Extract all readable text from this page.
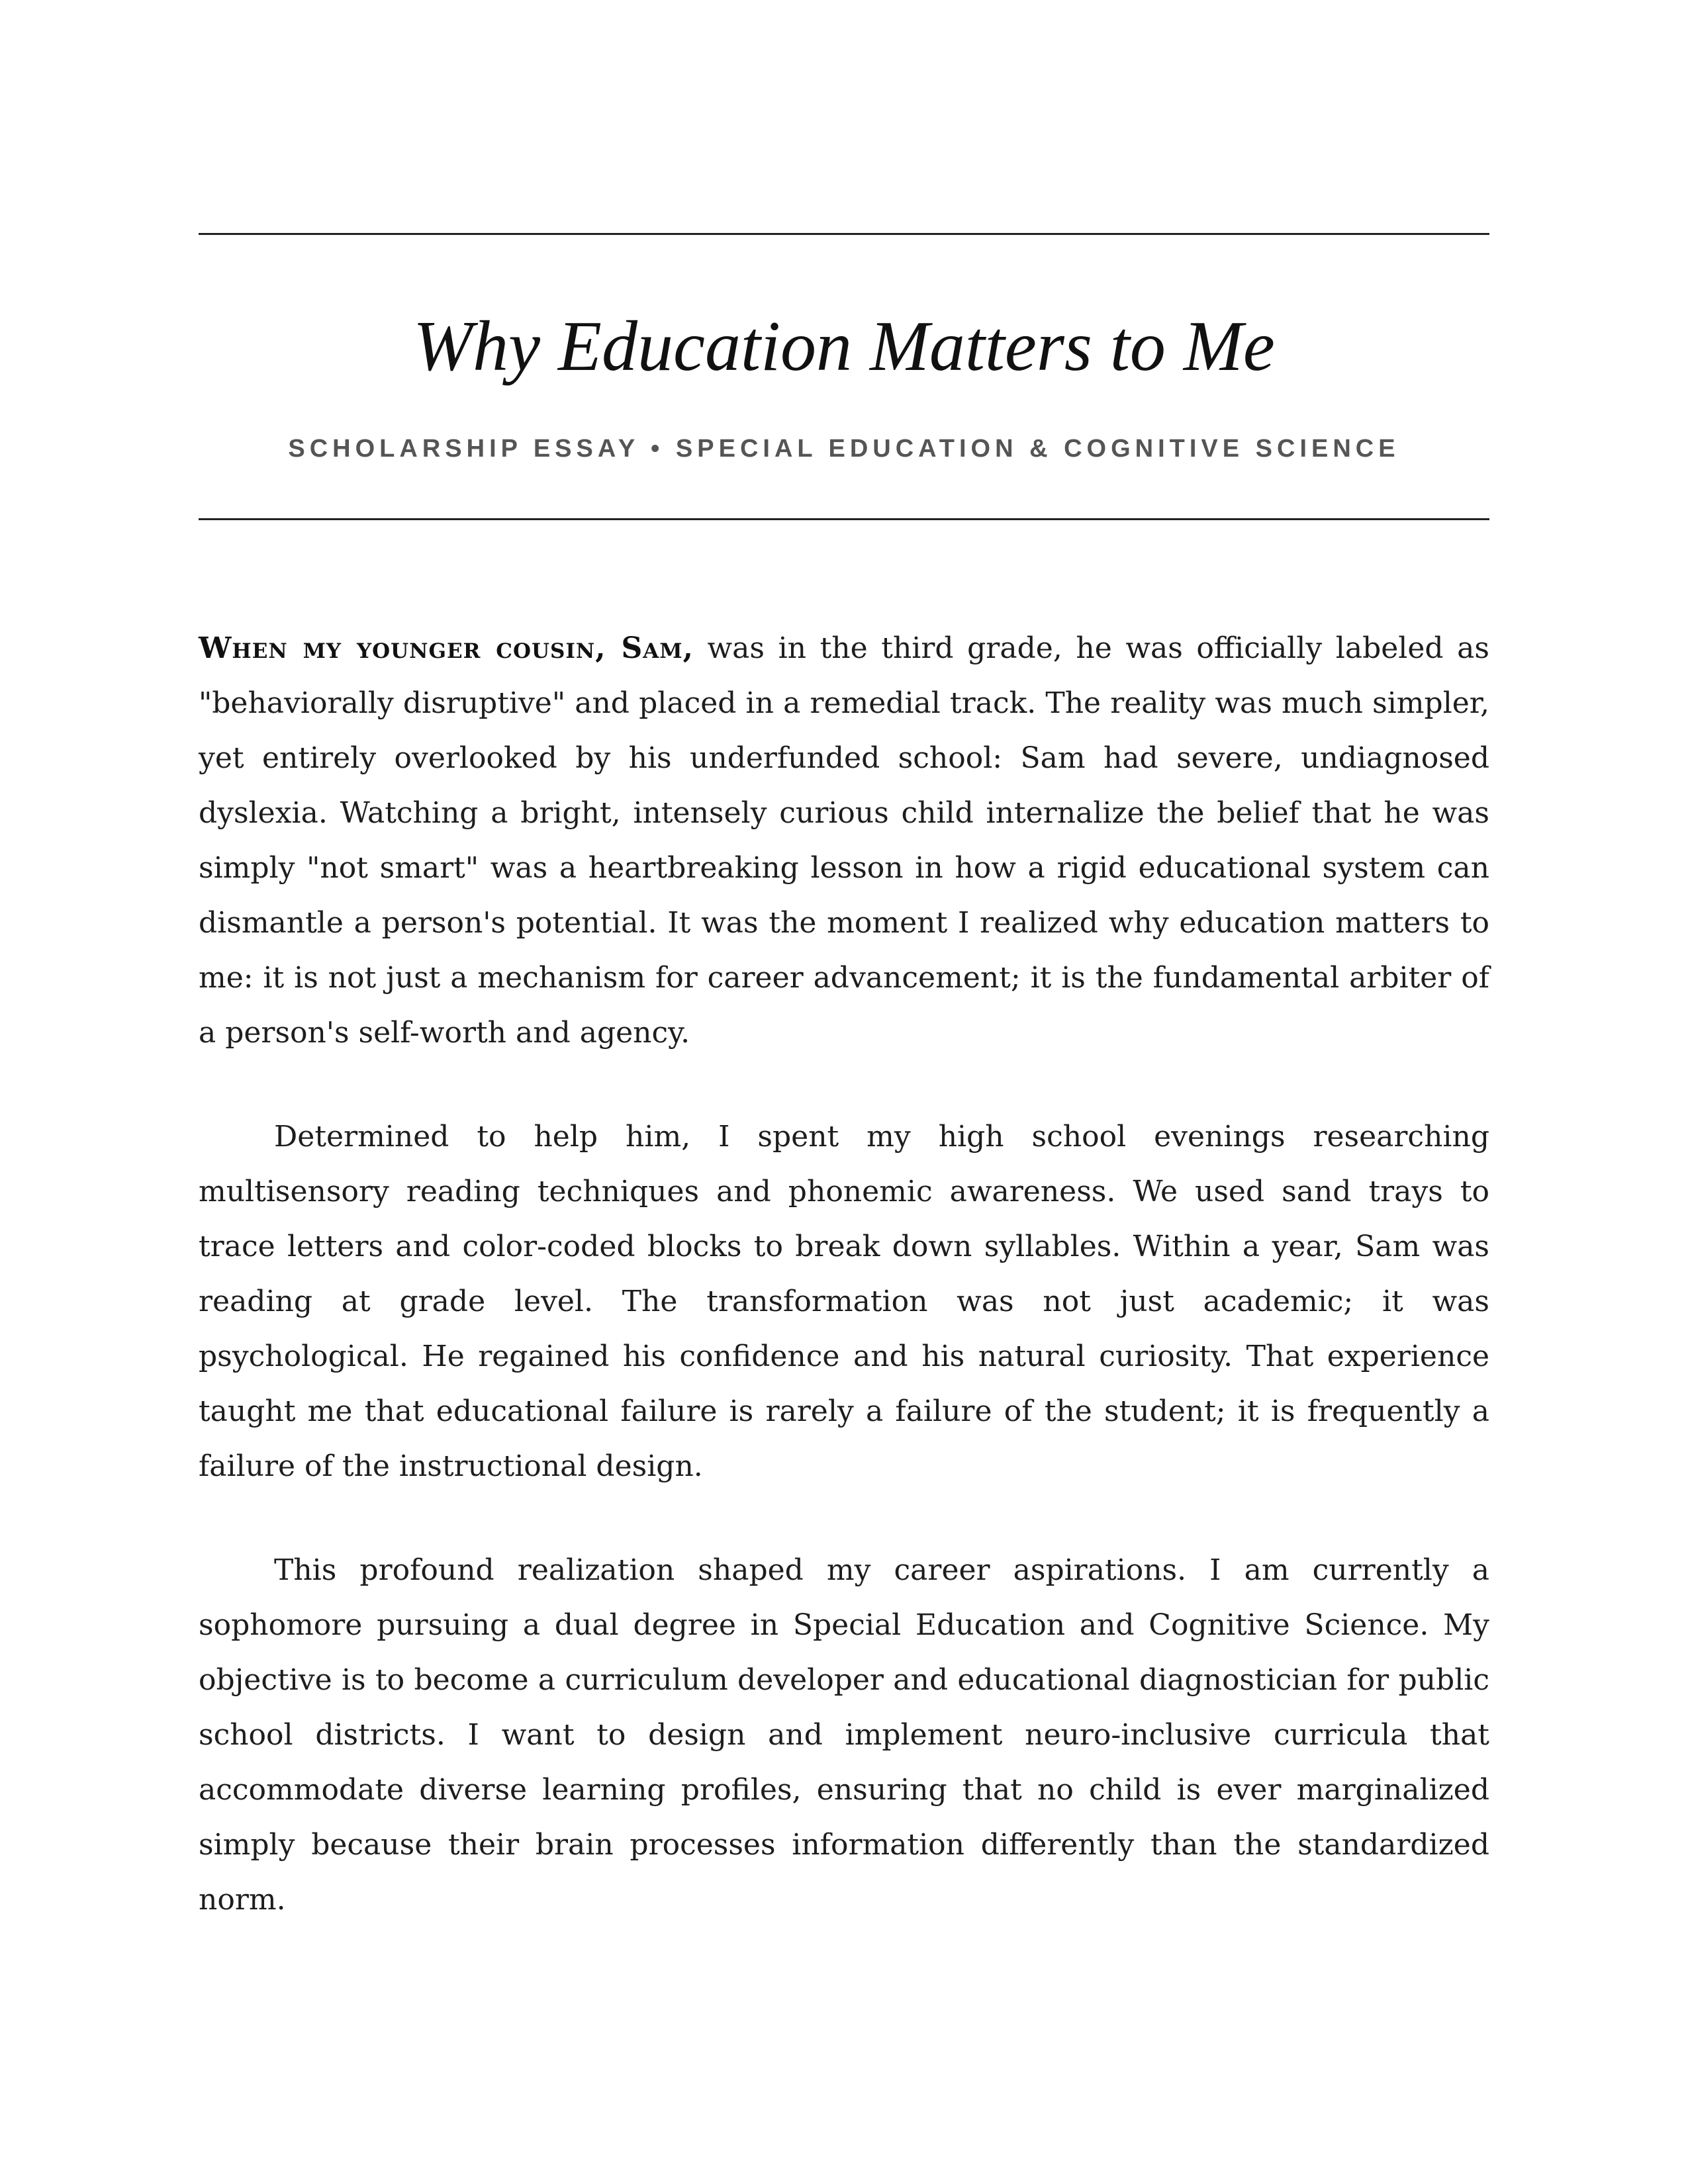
Why Education Matters to Me
SCHOLARSHIP ESSAY • SPECIAL EDUCATION & COGNITIVE SCIENCE

When my younger cousin, Sam, was in the third grade, he was officially labeled as "behaviorally disruptive" and placed in a remedial track. The reality was much simpler, yet entirely overlooked by his underfunded school: Sam had severe, undiagnosed dyslexia. Watching a bright, intensely curious child internalize the belief that he was simply "not smart" was a heartbreaking lesson in how a rigid educational system can dismantle a person's potential. It was the moment I realized why education matters to me: it is not just a mechanism for career advancement; it is the fundamental arbiter of a person's self-worth and agency.

Determined to help him, I spent my high school evenings researching multisensory reading techniques and phonemic awareness. We used sand trays to trace letters and color-coded blocks to break down syllables. Within a year, Sam was reading at grade level. The transformation was not just academic; it was psychological. He regained his confidence and his natural curiosity. That experience taught me that educational failure is rarely a failure of the student; it is frequently a failure of the instructional design.

This profound realization shaped my career aspirations. I am currently a sophomore pursuing a dual degree in Special Education and Cognitive Science. My objective is to become a curriculum developer and educational diagnostician for public school districts. I want to design and implement neuro-inclusive curricula that accommodate diverse learning profiles, ensuring that no child is ever marginalized simply because their brain processes information differently than the standardized norm.
